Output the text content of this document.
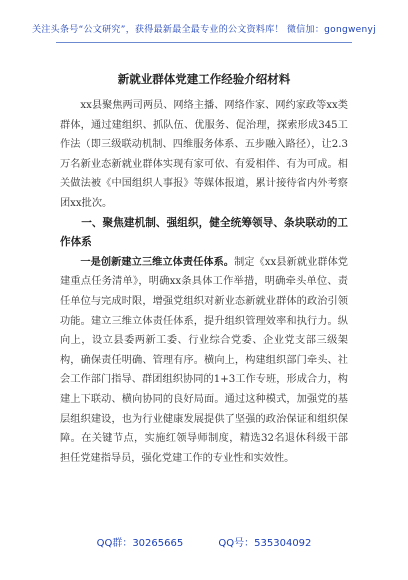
关注头条号“公文研究”，获得最新最全最专业的公文资料库！ 微信加：gongwenyj
新就业群体党建工作经验介绍材料

xx县聚焦两司两员、网络主播、网络作家、网约家政等xx类群体，通过建组织、抓队伍、优服务、促治理，探索形成345工作法（即三级联动机制、四维服务体系、五步融入路径），让2.3万名新业态新就业群体实现有家可依、有爱相伴、有为可成。相关做法被《中国组织人事报》等媒体报道，累计接待省内外考察团xx批次。

一、聚焦建机制、强组织，健全统筹领导、条块联动的工作体系

一是创新建立三维立体责任体系。制定《xx县新就业群体党建重点任务清单》，明确xx条具体工作举措，明确牵头单位、责任单位与完成时限，增强党组织对新业态新就业群体的政治引领功能。建立三维立体责任体系，提升组织管理效率和执行力。纵向上，设立县委两新工委、行业综合党委、企业党支部三级架构，确保责任明确、管理有序。横向上，构建组织部门牵头、社会工作部门指导、群团组织协同的1+3工作专班，形成合力，构建上下联动、横向协同的良好局面。通过这种模式，加强党的基层组织建设，也为行业健康发展提供了坚强的政治保证和组织保障。在关键节点，实施红领导师制度，精选32名退休科级干部担任党建指导员，强化党建工作的专业性和实效性。

QQ群：30265665	QQ号：535304092
